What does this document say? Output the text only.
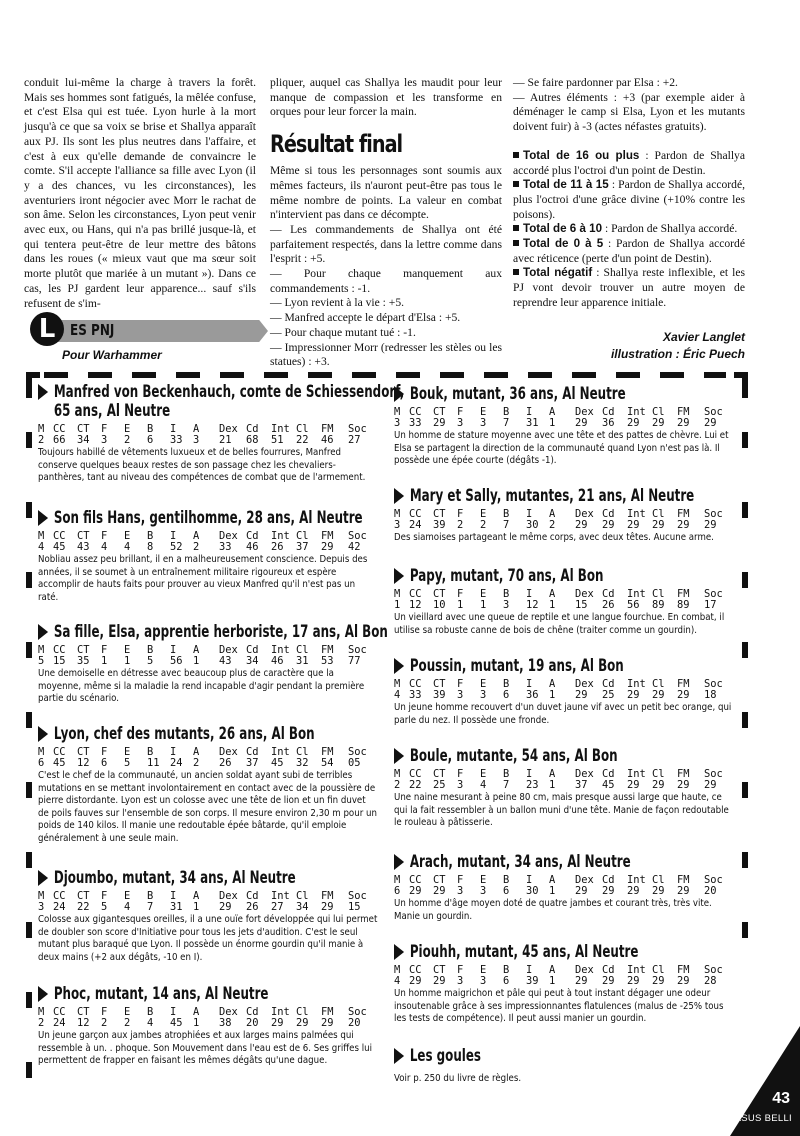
conduit lui-même la charge à travers la forêt. Mais ses hommes sont fatigués, la mêlée confuse, et c'est Elsa qui est tuée. Lyon hurle à la mort jusqu'à ce que sa voix se brise et Shallya apparaît aux PJ. Ils sont les plus neutres dans l'affaire, et c'est à eux qu'elle demande de convaincre le comte. S'il accepte l'alliance sa fille avec Lyon (il y a des chances, vu les circonstances), les aventuriers iront négocier avec Morr le rachat de son âme. Selon les circonstances, Lyon peut venir avec eux, ou Hans, qui n'a pas brillé jusque-là, et qui tentera peut-être de leur mettre des bâtons dans les roues (« mieux vaut que ma sœur soit morte plutôt que mariée à un mutant »). Dans ce cas, les PJ gardent leur apparence... sauf s'ils refusent de s'im-

pliquer, auquel cas Shallya les maudit pour leur manque de compassion et les transforme en orques pour leur forcer la main.

Résultat final

Même si tous les personnages sont soumis aux mêmes facteurs, ils n'auront peut-être pas tous le même nombre de points. La valeur en combat n'intervient pas dans ce décompte.

— Les commandements de Shallya ont été parfaitement respectés, dans la lettre comme dans l'esprit : +5.

— Pour chaque manquement aux commandements : -1.

— Lyon revient à la vie : +5.

— Manfred accepte le départ d'Elsa : +5.

— Pour chaque mutant tué : -1.

— Impressionner Morr (redresser les stèles ou les statues) : +3.

— Se faire pardonner par Elsa : +2.

— Autres éléments : +3 (par exemple aider à déménager le camp si Elsa, Lyon et les mutants doivent fuir) à -3 (actes néfastes gratuits).

Total de 16 ou plus : Pardon de Shallya accordé plus l'octroi d'un point de Destin.

Total de 11 à 15 : Pardon de Shallya accordé, plus l'octroi d'une grâce divine (+10% contre les poisons).

Total de 6 à 10 : Pardon de Shallya accordé.

Total de 0 à 5 : Pardon de Shallya accordé avec réticence (perte d'un point de Destin).

Total négatif : Shallya reste inflexible, et les PJ vont devoir trouver un autre moyen de reprendre leur apparence initiale.

Xavier Langlet
illustration : Éric Puech
L ES PNJ
Pour Warhammer
Manfred von Beckenhauch, comte de Schiessendorf,
65 ans, Al Neutre
M CC	CT	F	E	B	I	A	Dex Cd	Int Cl	FM	Soc
2 66	34	3	2	6	33	3	21	68	51	22	46	27
Toujours habillé de vêtements luxueux et de belles fourrures, Manfred conserve quelques beaux restes de son passage chez les chevaliers-panthères, tant au niveau des compétences de combat que de l'armement.
Son fils Hans, gentilhomme, 28 ans, Al Neutre
M CC	CT	F	E	B	I	A	Dex Cd	Int Cl	FM	Soc
4 45	43	4	4	8	52	2	33	46	26	37	29	42
Nobliau assez peu brillant, il en a malheureusement conscience. Depuis des années, il se soumet à un entraînement militaire rigoureux et espère accomplir de hauts faits pour prouver au vieux Manfred qu'il n'est pas un raté.
Sa fille, Elsa, apprentie herboriste, 17 ans, Al Bon
M CC	CT	F	E	B	I	A	Dex Cd	Int Cl	FM	Soc
5 15	35	1	1	5	56	1	43	34	46	31	53	77
Une demoiselle en détresse avec beaucoup plus de caractère que la moyenne, même si la maladie la rend incapable d'agir pendant la première partie du scénario.
Lyon, chef des mutants, 26 ans, Al Bon
M CC	CT	F	E	B	I	A	Dex Cd	Int Cl	FM	Soc
6 45	12	6	5	11	24	2	26	37	45	32	54	05
C'est le chef de la communauté, un ancien soldat ayant subi de terribles mutations en se mettant involontairement en contact avec de la poussière de pierre distordante. Lyon est un colosse avec une tête de lion et un fin duvet de poils fauves sur l'ensemble de son corps. Il mesure environ 2,30 m pour un poids de 140 kilos. Il manie une redoutable épée bâtarde, qu'il emploie généralement à une seule main.
Djoumbo, mutant, 34 ans, Al Neutre
M CC	CT	F	E	B	I	A	Dex Cd	Int Cl	FM	Soc
3 24	22	5	4	7	31	1	29	26	27	34	29	15
Colosse aux gigantesques oreilles, il a une ouïe fort développée qui lui permet de doubler son score d'Initiative pour tous les jets d'audition. C'est le seul mutant plus baraqué que Lyon. Il possède un énorme gourdin qu'il manie à deux mains (+2 aux dégâts, -10 en I).
Phoc, mutant, 14 ans, Al Neutre
M CC	CT	F	E	B	I	A	Dex Cd	Int Cl	FM	Soc
2 24	12	2	2	4	45	1	38	20	29	29	29	20
Un jeune garçon aux jambes atrophiées et aux larges mains palmées qui ressemble à un. . phoque. Son Mouvement dans l'eau est de 6. Ses griffes lui permettent de frapper en faisant les mêmes dégâts qu'une dague.
Bouk, mutant, 36 ans, Al Neutre
M CC	CT	F	E	B	I	A	Dex Cd	Int Cl	FM	Soc
3 33	29	3	3	7	31	1	29	36	29	29	29	29
Un homme de stature moyenne avec une tête et des pattes de chèvre. Lui et Elsa se partagent la direction de la communauté quand Lyon n'est pas là. Il possède une épée courte (dégâts -1).
Mary et Sally, mutantes, 21 ans, Al Neutre
M CC	CT	F	E	B	I	A	Dex Cd	Int Cl	FM	Soc
3 24	39	2	2	7	30	2	29	29	29	29	29	29
Des siamoises partageant le même corps, avec deux têtes. Aucune arme.
Papy, mutant, 70 ans, Al Bon
M CC	CT	F	E	B	I	A	Dex Cd	Int Cl	FM	Soc
1 12	10	1	1	3	12	1	15	26	56	89	89	17
Un vieillard avec une queue de reptile et une langue fourchue. En combat, il utilise sa robuste canne de bois de chêne (traiter comme un gourdin).
Poussin, mutant, 19 ans, Al Bon
M CC	CT	F	E	B	I	A	Dex Cd	Int Cl	FM	Soc
4 33	39	3	3	6	36	1	29	25	29	29	29	18
Un jeune homme recouvert d'un duvet jaune vif avec un petit bec orange, qui parle du nez. Il possède une fronde.
Boule, mutante, 54 ans, Al Bon
M CC	CT	F	E	B	I	A	Dex Cd	Int Cl	FM	Soc
2 22	25	3	4	7	23	1	37	45	29	29	29	29
Une naine mesurant à peine 80 cm, mais presque aussi large que haute, ce qui la fait ressembler à un ballon muni d'une tête. Manie de façon redoutable le rouleau à pâtisserie.
Arach, mutant, 34 ans, Al Neutre
M CC	CT	F	E	B	I	A	Dex Cd	Int Cl	FM	Soc
6 29	29	3	3	6	30	1	29	29	29	29	29	20
Un homme d'âge moyen doté de quatre jambes et courant très, très vite. Manie un gourdin.
Piouhh, mutant, 45 ans, Al Neutre
M CC	CT	F	E	B	I	A	Dex Cd	Int Cl	FM	Soc
4 29	29	3	3	6	39	1	29	29	29	29	29	28
Un homme maigrichon et pâle qui peut à tout instant dégager une odeur insoutenable grâce à ses impressionnantes flatulences (malus de -25% tous les tests de compétence). Il peut aussi manier un gourdin.
Les goules
Voir p. 250 du livre de règles.
43
CASUS BELLI
